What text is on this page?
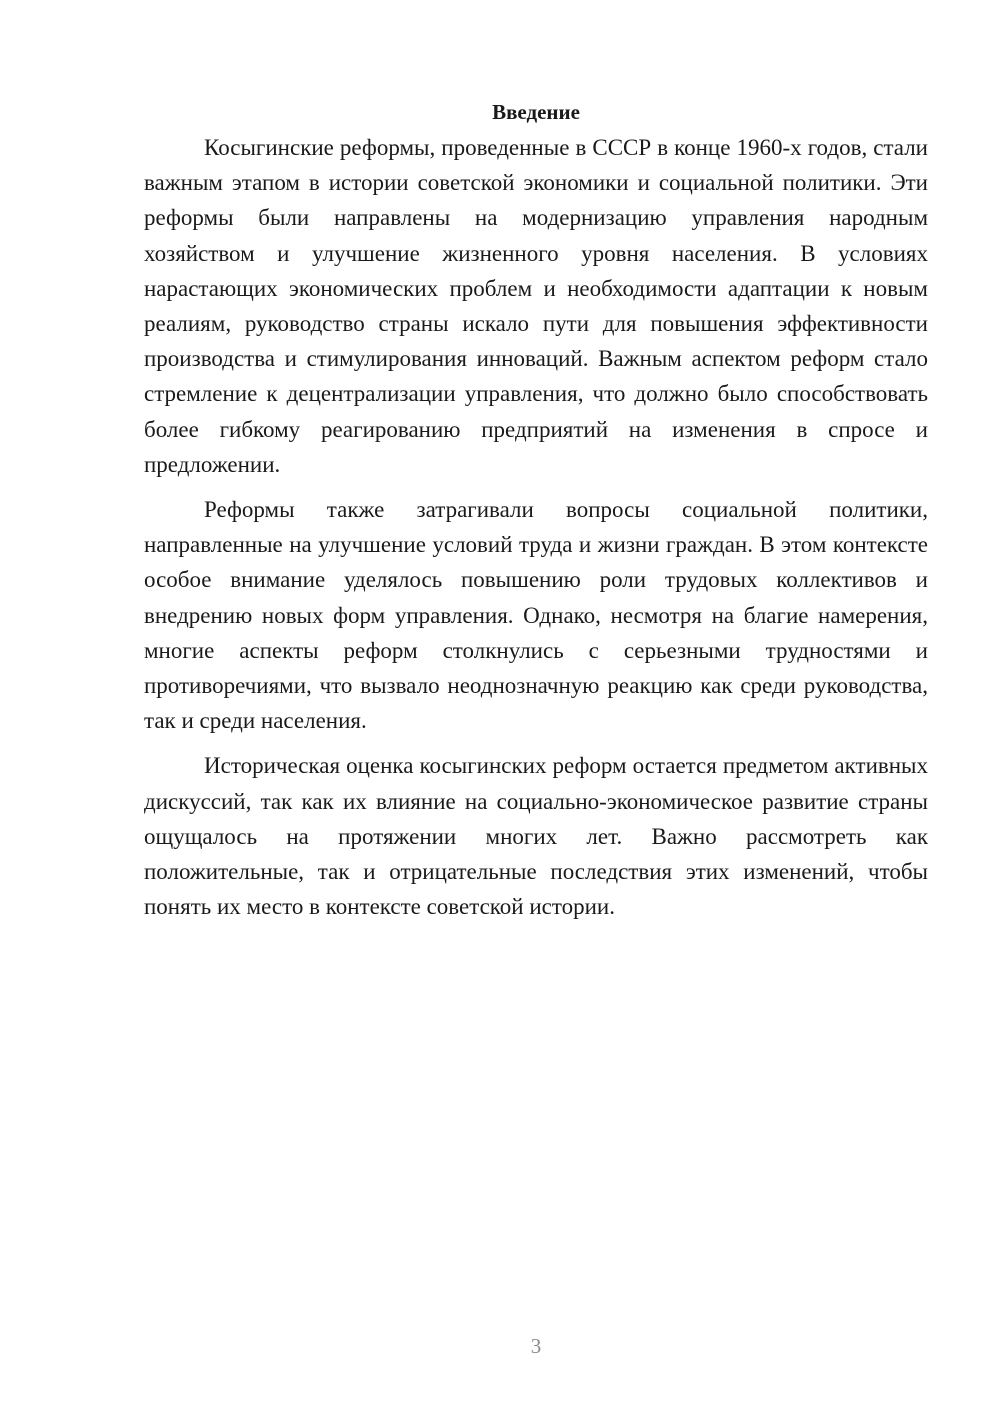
Введение

Косыгинские реформы, проведенные в СССР в конце 1960-х годов, стали важным этапом в истории советской экономики и социальной политики. Эти реформы были направлены на модернизацию управления народным хозяйством и улучшение жизненного уровня населения. В условиях нарастающих экономических проблем и необходимости адаптации к новым реалиям, руководство страны искало пути для повышения эффективности производства и стимулирования инноваций. Важным аспектом реформ стало стремление к децентрализации управления, что должно было способствовать более гибкому реагированию предприятий на изменения в спросе и предложении.

Реформы также затрагивали вопросы социальной политики, направленные на улучшение условий труда и жизни граждан. В этом контексте особое внимание уделялось повышению роли трудовых коллективов и внедрению новых форм управления. Однако, несмотря на благие намерения, многие аспекты реформ столкнулись с серьезными трудностями и противоречиями, что вызвало неоднозначную реакцию как среди руководства, так и среди населения.

Историческая оценка косыгинских реформ остается предметом активных дискуссий, так как их влияние на социально-экономическое развитие страны ощущалось на протяжении многих лет. Важно рассмотреть как положительные, так и отрицательные последствия этих изменений, чтобы понять их место в контексте советской истории.

3
